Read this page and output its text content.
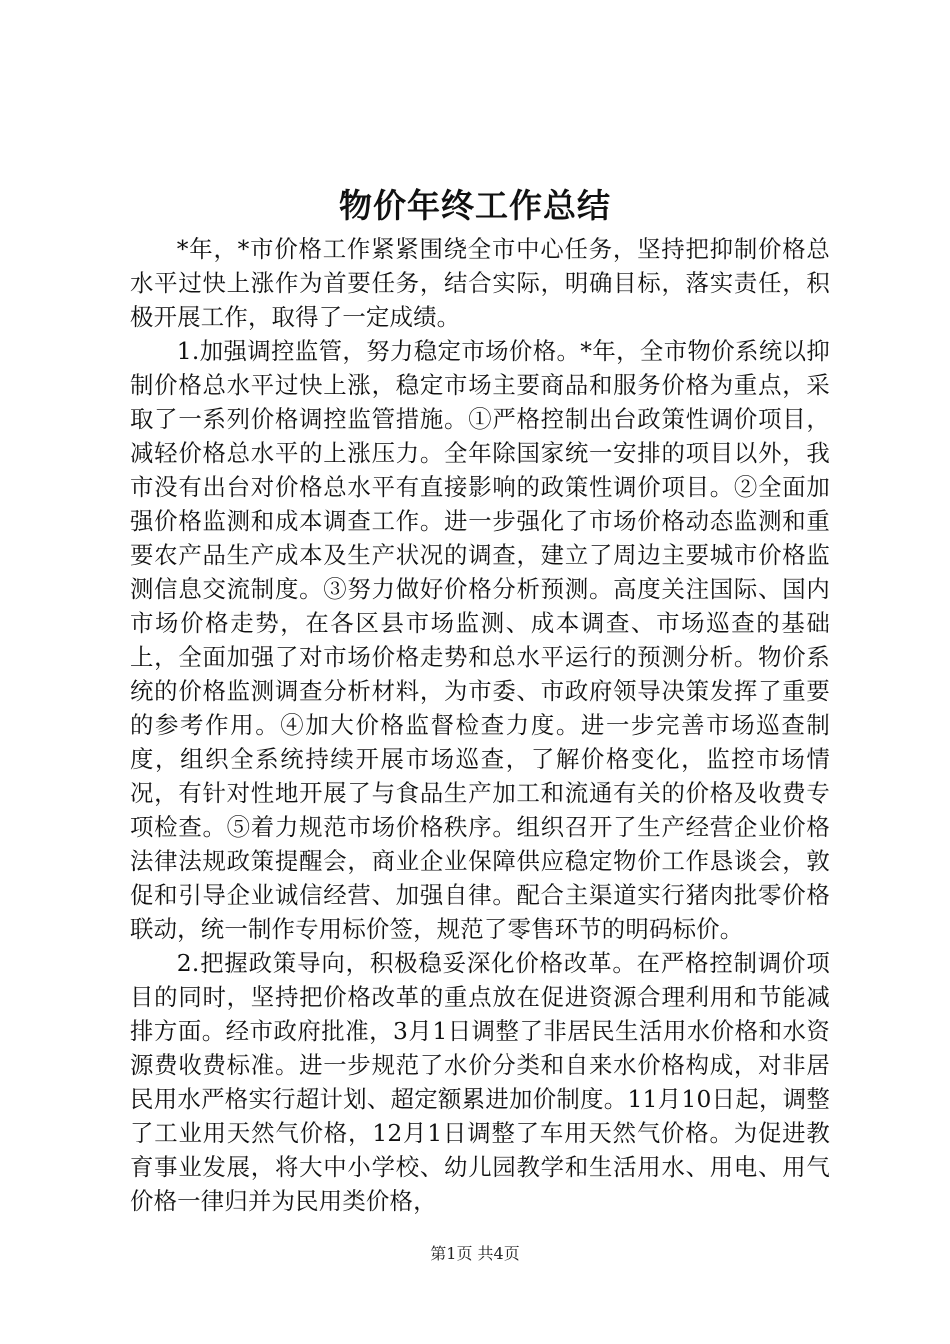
物价年终工作总结

*年，*市价格工作紧紧围绕全市中心任务，坚持把抑制价格总水平过快上涨作为首要任务，结合实际，明确目标，落实责任，积极开展工作，取得了一定成绩。

1.加强调控监管，努力稳定市场价格。*年，全市物价系统以抑制价格总水平过快上涨，稳定市场主要商品和服务价格为重点，采取了一系列价格调控监管措施。①严格控制出台政策性调价项目，减轻价格总水平的上涨压力。全年除国家统一安排的项目以外，我市没有出台对价格总水平有直接影响的政策性调价项目。②全面加强价格监测和成本调查工作。进一步强化了市场价格动态监测和重要农产品生产成本及生产状况的调查，建立了周边主要城市价格监测信息交流制度。③努力做好价格分析预测。高度关注国际、国内市场价格走势，在各区县市场监测、成本调查、市场巡查的基础上，全面加强了对市场价格走势和总水平运行的预测分析。物价系统的价格监测调查分析材料，为市委、市政府领导决策发挥了重要的参考作用。④加大价格监督检查力度。进一步完善市场巡查制度，组织全系统持续开展市场巡查，了解价格变化，监控市场情况，有针对性地开展了与食品生产加工和流通有关的价格及收费专项检查。⑤着力规范市场价格秩序。组织召开了生产经营企业价格法律法规政策提醒会，商业企业保障供应稳定物价工作恳谈会，敦促和引导企业诚信经营、加强自律。配合主渠道实行猪肉批零价格联动，统一制作专用标价签，规范了零售环节的明码标价。

2.把握政策导向，积极稳妥深化价格改革。在严格控制调价项目的同时，坚持把价格改革的重点放在促进资源合理利用和节能减排方面。经市政府批准，3月1日调整了非居民生活用水价格和水资源费收费标准。进一步规范了水价分类和自来水价格构成，对非居民用水严格实行超计划、超定额累进加价制度。11月10日起，调整了工业用天然气价格，12月1日调整了车用天然气价格。为促进教育事业发展，将大中小学校、幼儿园教学和生活用水、用电、用气价格一律归并为民用类价格，

第1页 共4页
